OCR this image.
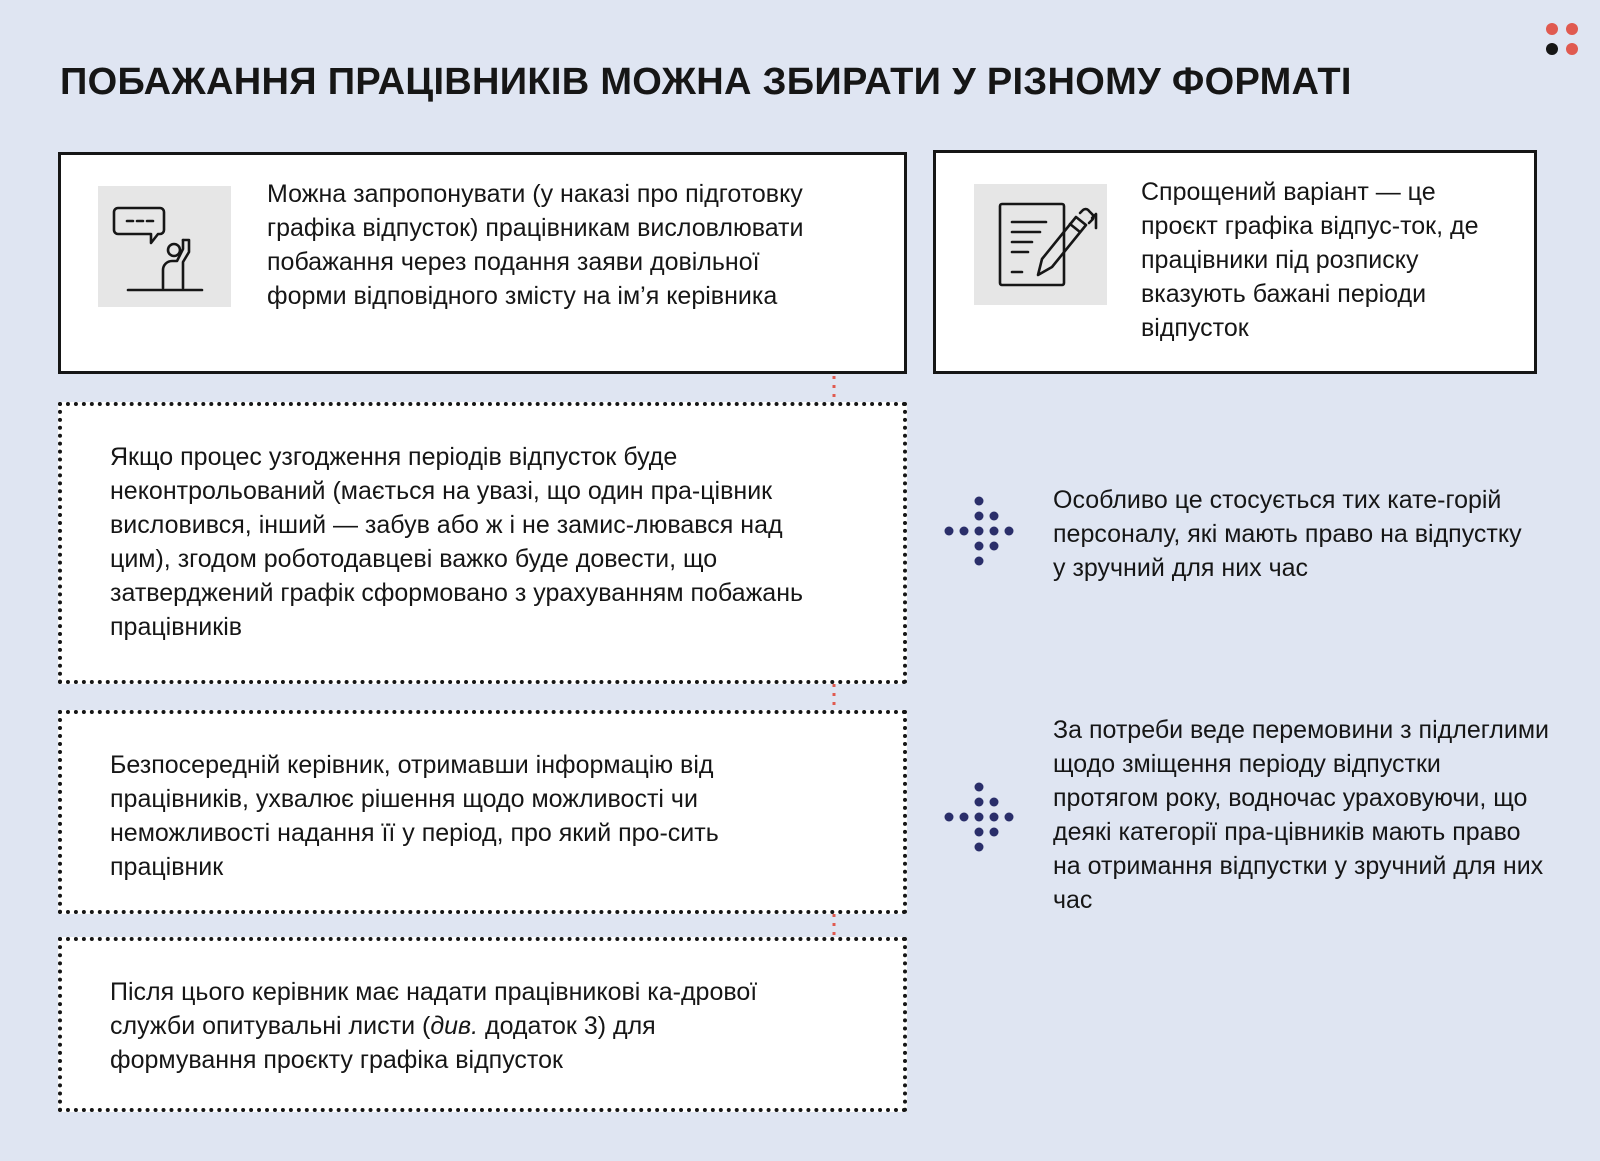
ПОБАЖАННЯ ПРАЦІВНИКІВ МОЖНА ЗБИРАТИ У РІЗНОМУ ФОРМАТІ

Можна запропонувати (у наказі про підготовку графіка відпусток) працівникам висловлювати побажання через подання заяви довільної форми відповідного змісту на ім’я керівника

Спрощений варіант — це проєкт графіка відпус-ток, де працівники під розписку вказують бажані періоди відпусток

Якщо процес узгодження періодів відпусток буде неконтрольований (мається на увазі, що один пра-цівник висловився, інший — забув або ж і не замис-лювався над цим), згодом роботодавцеві важко буде довести, що затверджений графік сформовано з урахуванням побажань працівників

Безпосередній керівник, отримавши інформацію від працівників, ухвалює рішення щодо можливості чи неможливості надання її у період, про який про-сить працівник

Після цього керівник має надати працівникові ка-дрової служби опитувальні листи (див. додаток 3) для формування проєкту графіка відпусток

Особливо це стосується тих кате-горій персоналу, які мають право на відпустку у зручний для них час

За потреби веде перемовини з підлеглими щодо зміщення періоду відпустки протягом року, водночас ураховуючи, що деякі категорії пра-цівників мають право на отримання відпустки у зручний для них час
